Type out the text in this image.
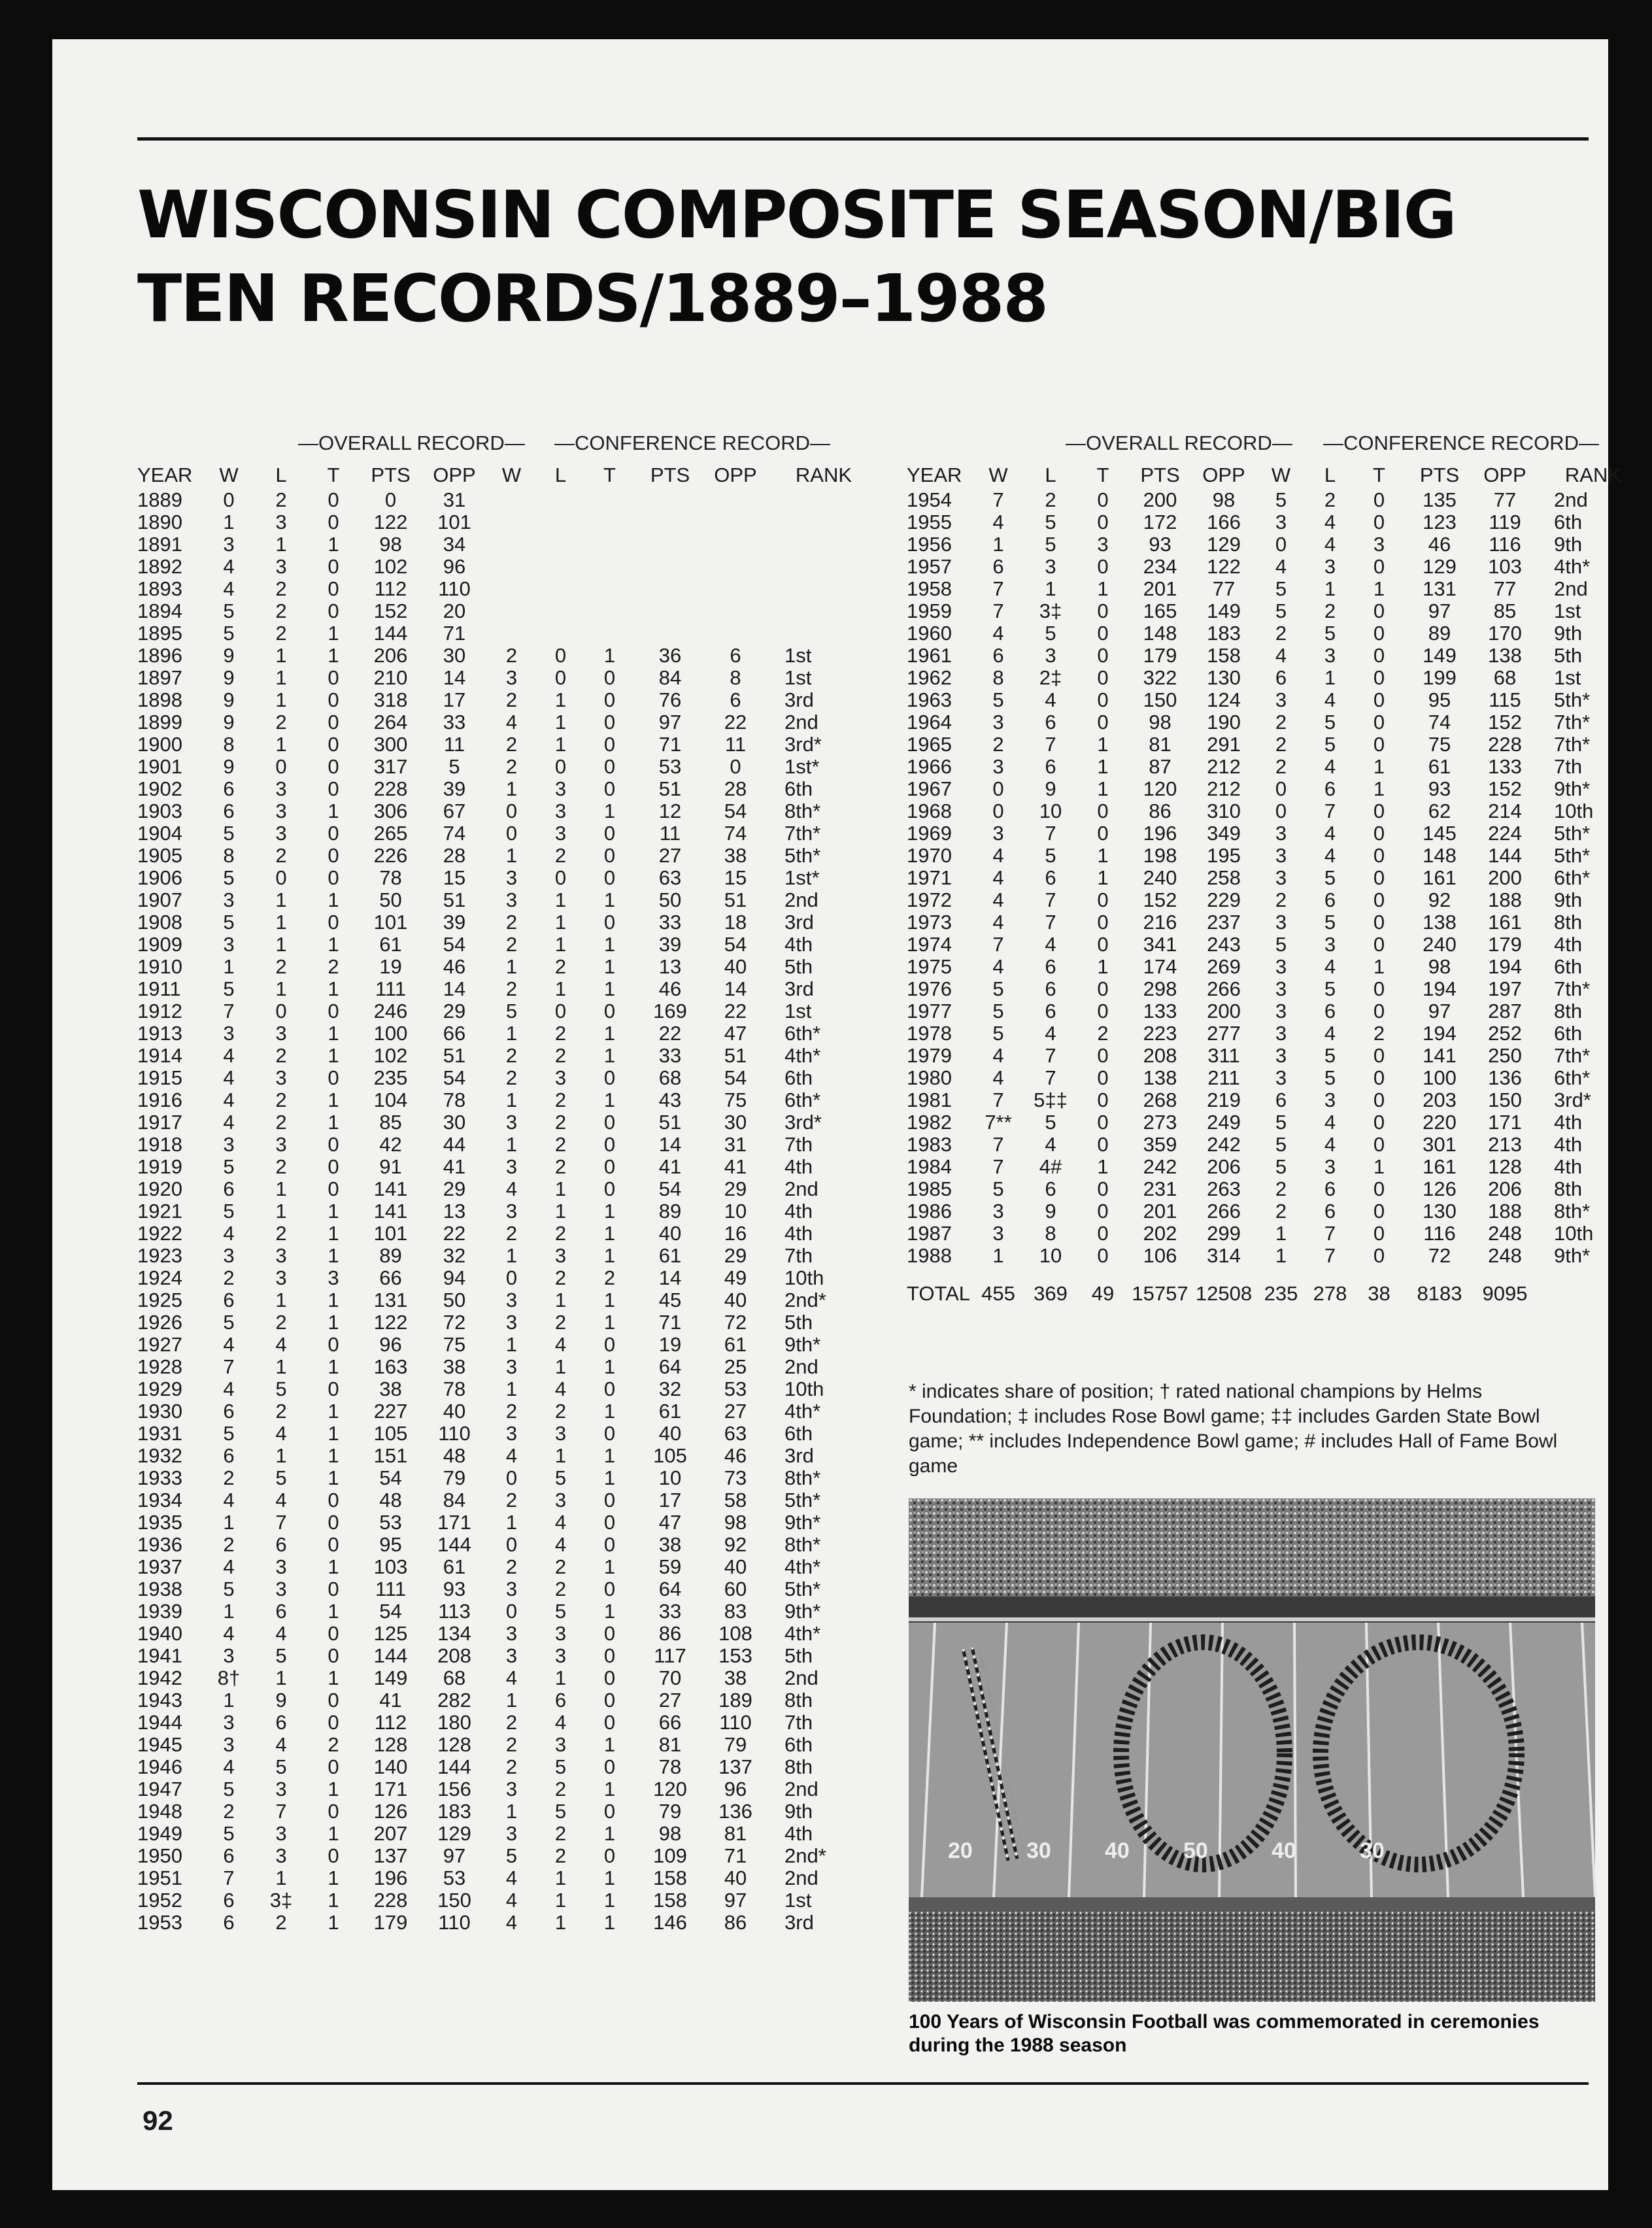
WISCONSIN COMPOSITE SEASON/BIG TEN RECORDS/1889–1988
—OVERALL RECORD— —CONFERENCE RECORD—	—OVERALL RECORD— —CONFERENCE RECORD—
YEAR	W	L	T	PTS	OPP	W	L	T	PTS	OPP	RANK
1889	0	2	0	0	31						
1890	1	3	0	122	101						
1891	3	1	1	98	34						
1892	4	3	0	102	96						
1893	4	2	0	112	110						
1894	5	2	0	152	20						
1895	5	2	1	144	71						
1896	9	1	1	206	30	2	0	1	36	6	1st
1897	9	1	0	210	14	3	0	0	84	8	1st
1898	9	1	0	318	17	2	1	0	76	6	3rd
1899	9	2	0	264	33	4	1	0	97	22	2nd
1900	8	1	0	300	11	2	1	0	71	11	3rd*
1901	9	0	0	317	5	2	0	0	53	0	1st*
1902	6	3	0	228	39	1	3	0	51	28	6th
1903	6	3	1	306	67	0	3	1	12	54	8th*
1904	5	3	0	265	74	0	3	0	11	74	7th*
1905	8	2	0	226	28	1	2	0	27	38	5th*
1906	5	0	0	78	15	3	0	0	63	15	1st*
1907	3	1	1	50	51	3	1	1	50	51	2nd
1908	5	1	0	101	39	2	1	0	33	18	3rd
1909	3	1	1	61	54	2	1	1	39	54	4th
1910	1	2	2	19	46	1	2	1	13	40	5th
1911	5	1	1	111	14	2	1	1	46	14	3rd
1912	7	0	0	246	29	5	0	0	169	22	1st
1913	3	3	1	100	66	1	2	1	22	47	6th*
1914	4	2	1	102	51	2	2	1	33	51	4th*
1915	4	3	0	235	54	2	3	0	68	54	6th
1916	4	2	1	104	78	1	2	1	43	75	6th*
1917	4	2	1	85	30	3	2	0	51	30	3rd*
1918	3	3	0	42	44	1	2	0	14	31	7th
1919	5	2	0	91	41	3	2	0	41	41	4th
1920	6	1	0	141	29	4	1	0	54	29	2nd
1921	5	1	1	141	13	3	1	1	89	10	4th
1922	4	2	1	101	22	2	2	1	40	16	4th
1923	3	3	1	89	32	1	3	1	61	29	7th
1924	2	3	3	66	94	0	2	2	14	49	10th
1925	6	1	1	131	50	3	1	1	45	40	2nd*
1926	5	2	1	122	72	3	2	1	71	72	5th
1927	4	4	0	96	75	1	4	0	19	61	9th*
1928	7	1	1	163	38	3	1	1	64	25	2nd
1929	4	5	0	38	78	1	4	0	32	53	10th
1930	6	2	1	227	40	2	2	1	61	27	4th*
1931	5	4	1	105	110	3	3	0	40	63	6th
1932	6	1	1	151	48	4	1	1	105	46	3rd
1933	2	5	1	54	79	0	5	1	10	73	8th*
1934	4	4	0	48	84	2	3	0	17	58	5th*
1935	1	7	0	53	171	1	4	0	47	98	9th*
1936	2	6	0	95	144	0	4	0	38	92	8th*
1937	4	3	1	103	61	2	2	1	59	40	4th*
1938	5	3	0	111	93	3	2	0	64	60	5th*
1939	1	6	1	54	113	0	5	1	33	83	9th*
1940	4	4	0	125	134	3	3	0	86	108	4th*
1941	3	5	0	144	208	3	3	0	117	153	5th
1942	8†	1	1	149	68	4	1	0	70	38	2nd
1943	1	9	0	41	282	1	6	0	27	189	8th
1944	3	6	0	112	180	2	4	0	66	110	7th
1945	3	4	2	128	128	2	3	1	81	79	6th
1946	4	5	0	140	144	2	5	0	78	137	8th
1947	5	3	1	171	156	3	2	1	120	96	2nd
1948	2	7	0	126	183	1	5	0	79	136	9th
1949	5	3	1	207	129	3	2	1	98	81	4th
1950	6	3	0	137	97	5	2	0	109	71	2nd*
1951	7	1	1	196	53	4	1	1	158	40	2nd
1952	6	3‡	1	228	150	4	1	1	158	97	1st
1953	6	2	1	179	110	4	1	1	146	86	3rd
YEAR	W	L	T	PTS	OPP	W	L	T	PTS	OPP	RANK
1954	7	2	0	200	98	5	2	0	135	77	2nd
1955	4	5	0	172	166	3	4	0	123	119	6th
1956	1	5	3	93	129	0	4	3	46	116	9th
1957	6	3	0	234	122	4	3	0	129	103	4th*
1958	7	1	1	201	77	5	1	1	131	77	2nd
1959	7	3‡	0	165	149	5	2	0	97	85	1st
1960	4	5	0	148	183	2	5	0	89	170	9th
1961	6	3	0	179	158	4	3	0	149	138	5th
1962	8	2‡	0	322	130	6	1	0	199	68	1st
1963	5	4	0	150	124	3	4	0	95	115	5th*
1964	3	6	0	98	190	2	5	0	74	152	7th*
1965	2	7	1	81	291	2	5	0	75	228	7th*
1966	3	6	1	87	212	2	4	1	61	133	7th
1967	0	9	1	120	212	0	6	1	93	152	9th*
1968	0	10	0	86	310	0	7	0	62	214	10th
1969	3	7	0	196	349	3	4	0	145	224	5th*
1970	4	5	1	198	195	3	4	0	148	144	5th*
1971	4	6	1	240	258	3	5	0	161	200	6th*
1972	4	7	0	152	229	2	6	0	92	188	9th
1973	4	7	0	216	237	3	5	0	138	161	8th
1974	7	4	0	341	243	5	3	0	240	179	4th
1975	4	6	1	174	269	3	4	1	98	194	6th
1976	5	6	0	298	266	3	5	0	194	197	7th*
1977	5	6	0	133	200	3	6	0	97	287	8th
1978	5	4	2	223	277	3	4	2	194	252	6th
1979	4	7	0	208	311	3	5	0	141	250	7th*
1980	4	7	0	138	211	3	5	0	100	136	6th*
1981	7	5‡‡	0	268	219	6	3	0	203	150	3rd*
1982	7**	5	0	273	249	5	4	0	220	171	4th
1983	7	4	0	359	242	5	4	0	301	213	4th
1984	7	4#	1	242	206	5	3	1	161	128	4th
1985	5	6	0	231	263	2	6	0	126	206	8th
1986	3	9	0	201	266	2	6	0	130	188	8th*
1987	3	8	0	202	299	1	7	0	116	248	10th
1988	1	10	0	106	314	1	7	0	72	248	9th*
TOTAL	455	369	49	15757	12508	235	278	38	8183	9095	

* indicates share of position; † rated national champions by Helms Foundation; ‡ includes Rose Bowl game; ‡‡ includes Garden State Bowl game; ** includes Independence Bowl game; # includes Hall of Fame Bowl game

20 30 40 50	40	30

100 Years of Wisconsin Football was commemorated in ceremonies during the 1988 season

92
